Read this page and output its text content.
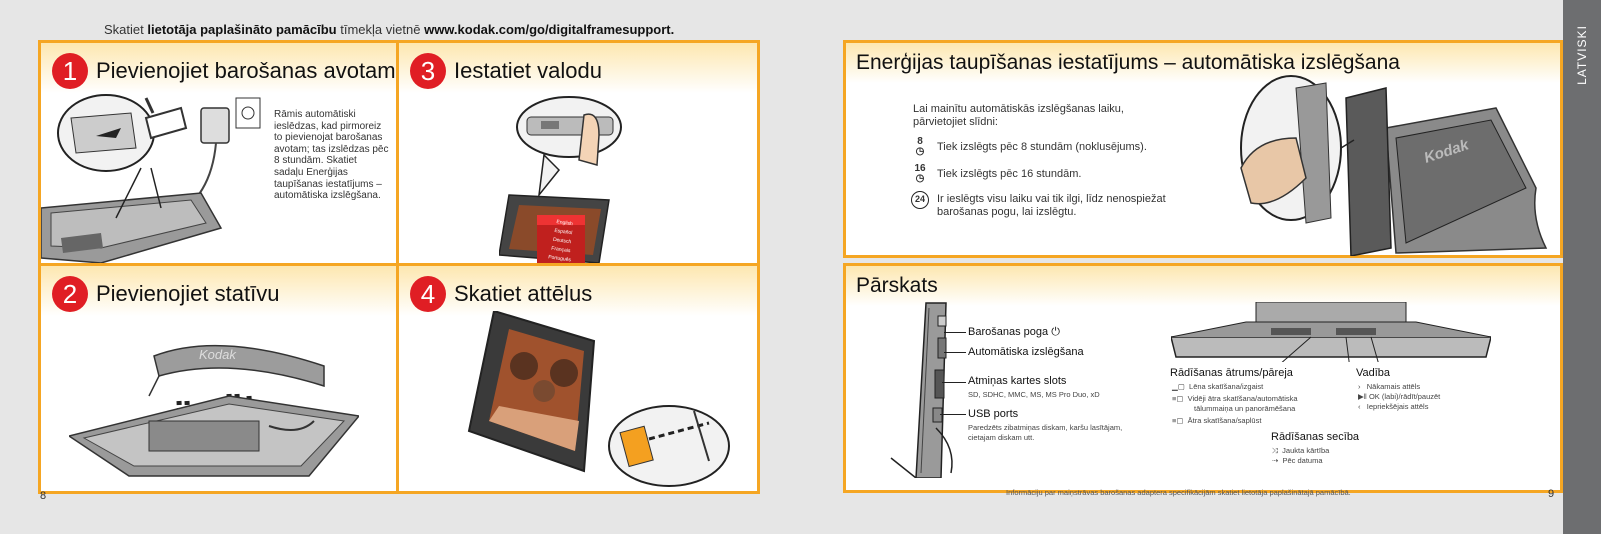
Skatiet lietotāja paplašināto pamācību tīmekļa vietnē www.kodak.com/go/digitalframesupport.
1 Pievienojiet barošanas avotam
Rāmis automātiski ieslēdzas, kad pirmoreiz to pievienojat barošanas avotam; tas izslēdzas pēc 8 stundām. Skatiet sadaļu Enerģijas taupīšanas iestatījums – automātiska izslēgšana.
3 Iestatiet valodu
English
Español
Deutsch
Français
Português
2 Pievienojiet statīvu
Kodak
4 Skatiet attēlus
8
Enerģijas taupīšanas iestatījums – automātiska izslēgšana
Lai mainītu automātiskās izslēgšanas laiku, pārvietojiet slīdni:
8
◷	Tiek izslēgts pēc 8 stundām (noklusējums).
16
◷	Tiek izslēgts pēc 16 stundām.
24	Ir ieslēgts visu laiku vai tik ilgi, līdz nenospiežat
barošanas pogu, lai izslēgtu.
Kodak
Pārskats
Barošanas poga ⏻
Automātiska izslēgšana
Atmiņas kartes slots
SD, SDHC, MMC, MS, MS Pro Duo, xD
USB ports
Paredzēts zibatmiņas diskam, karšu lasītājam,
cietajam diskam utt.
Rādīšanas ātrums/pāreja
▁▢ Lēna skatīšana/izgaist
≡▢ Vidēji ātra skatīšana/automātiska
tālummaiņa un panorāmēšana
≡▢ Ātra skatīšana/saplūst
Rādīšanas secība
⤨ Jaukta kārtība
⇢ Pēc datuma
Vadība
› Nākamais attēls
▶‖ OK (labi)/rādīt/pauzēt
‹ Iepriekšējais attēls
Informāciju par maiņstrāvas barošanas adaptera specifikācijām skatiet lietotāja paplašinātajā pamācībā.	9
LATVISKI
